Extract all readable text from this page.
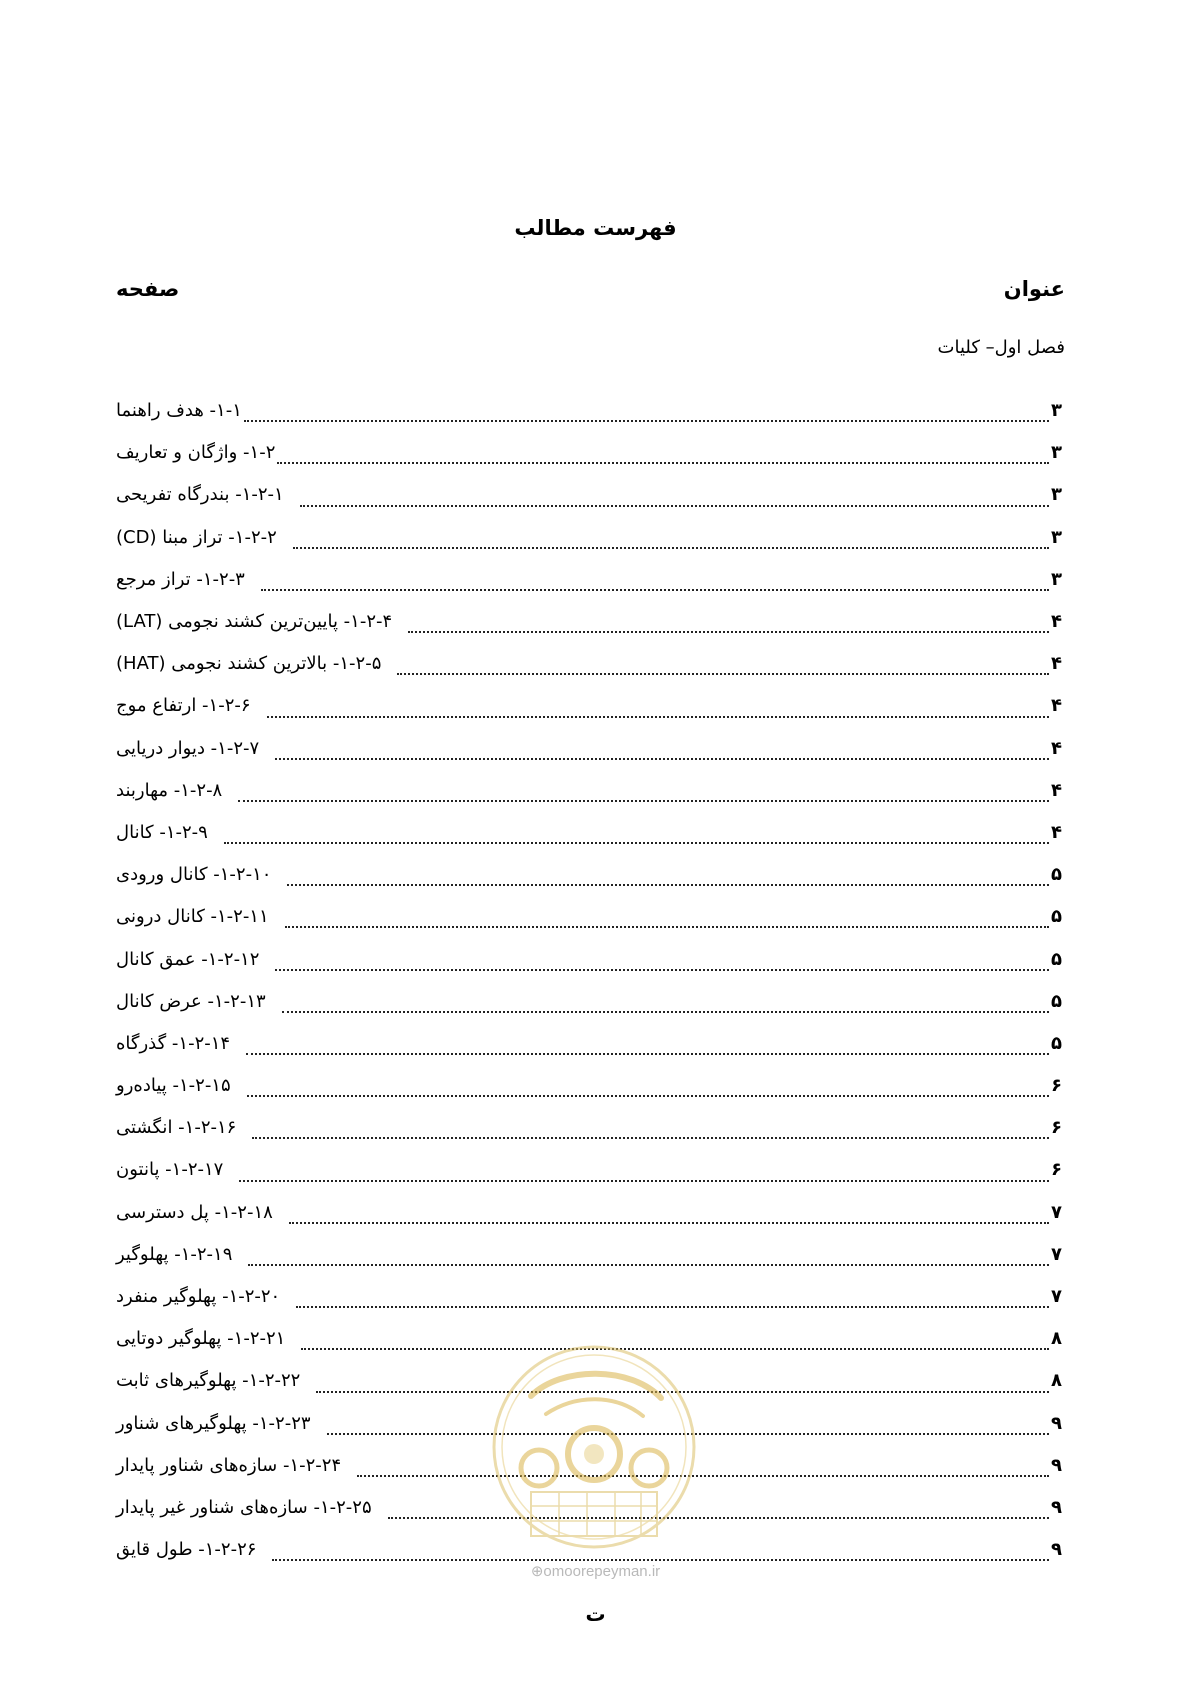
فهرست مطالب
عنوان
صفحه
فصل اول– کلیات
۱-۱- هدف راهنما	۳
۱-۲- واژگان و تعاریف	۳
۱-۲-۱- بندرگاه تفریحی	۳
۱-۲-۲- تراز مبنا (CD)	۳
۱-۲-۳- تراز مرجع	۳
۱-۲-۴- پایین‌ترین کشند نجومی (LAT)	۴
۱-۲-۵- بالاترین کشند نجومی (HAT)	۴
۱-۲-۶- ارتفاع موج	۴
۱-۲-۷- دیوار دریایی	۴
۱-۲-۸- مهاربند	۴
۱-۲-۹- کانال	۴
۱-۲-۱۰- کانال ورودی	۵
۱-۲-۱۱- کانال درونی	۵
۱-۲-۱۲- عمق کانال	۵
۱-۲-۱۳- عرض کانال	۵
۱-۲-۱۴- گذرگاه	۵
۱-۲-۱۵- پیاده‌رو	۶
۱-۲-۱۶- انگشتی	۶
۱-۲-۱۷- پانتون	۶
۱-۲-۱۸- پل دسترسی	۷
۱-۲-۱۹- پهلوگیر	۷
۱-۲-۲۰- پهلوگیر منفرد	۷
۱-۲-۲۱- پهلوگیر دوتایی	۸
۱-۲-۲۲- پهلوگیرهای ثابت	۸
۱-۲-۲۳- پهلوگیرهای شناور	۹
۱-۲-۲۴- سازه‌های شناور پایدار	۹
۱-۲-۲۵- سازه‌های شناور غیر پایدار	۹
۱-۲-۲۶- طول قایق	۹
⊕omoorepeyman.ir
ت
